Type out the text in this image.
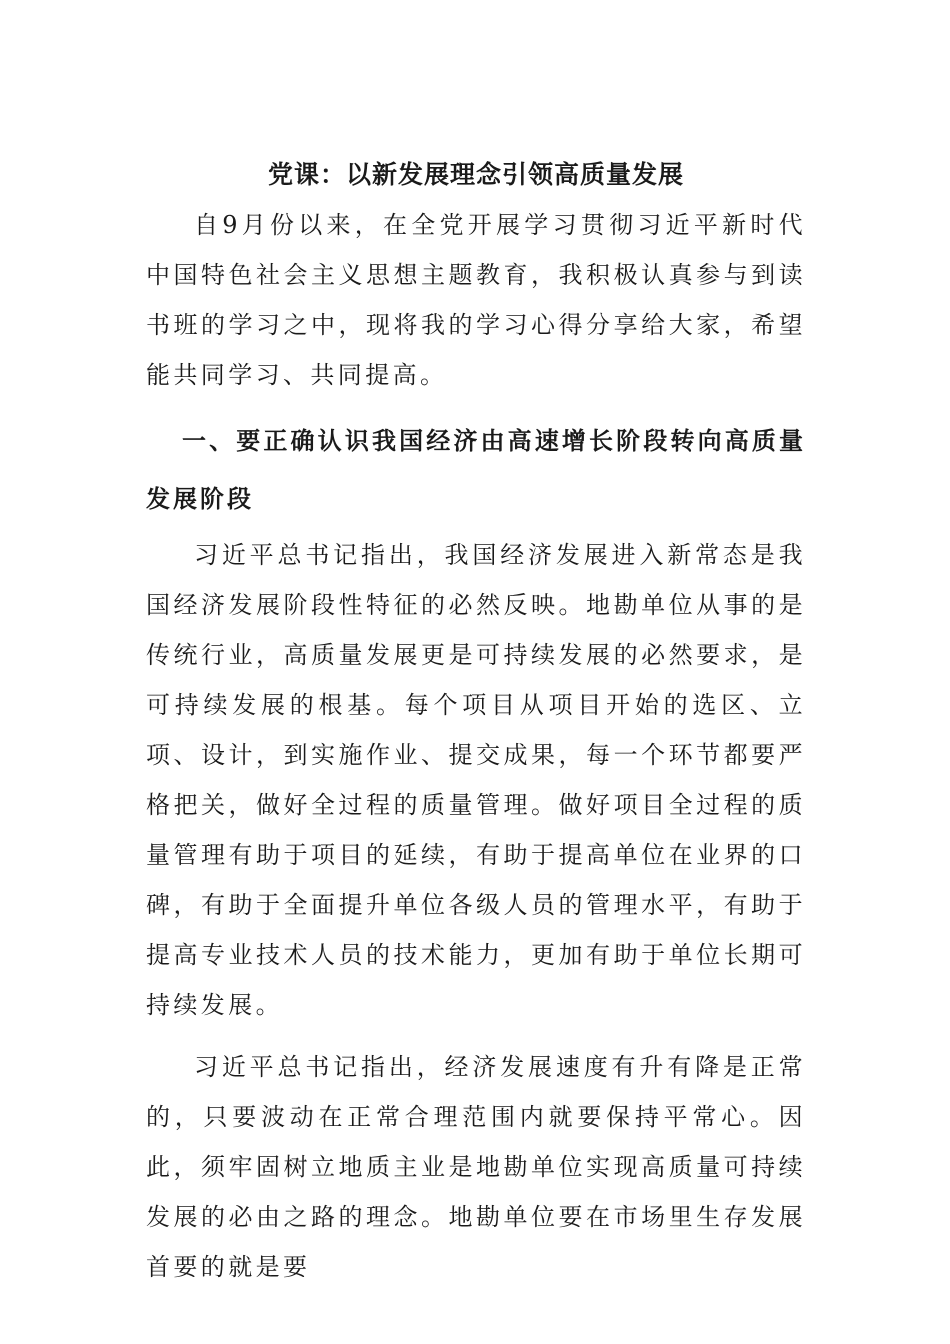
党课：以新发展理念引领高质量发展

自9月份以来，在全党开展学习贯彻习近平新时代中国特色社会主义思想主题教育，我积极认真参与到读书班的学习之中，现将我的学习心得分享给大家，希望能共同学习、共同提高。

一、要正确认识我国经济由高速增长阶段转向高质量发展阶段

习近平总书记指出，我国经济发展进入新常态是我国经济发展阶段性特征的必然反映。地勘单位从事的是传统行业，高质量发展更是可持续发展的必然要求，是可持续发展的根基。每个项目从项目开始的选区、立项、设计，到实施作业、提交成果，每一个环节都要严格把关，做好全过程的质量管理。做好项目全过程的质量管理有助于项目的延续，有助于提高单位在业界的口碑，有助于全面提升单位各级人员的管理水平，有助于提高专业技术人员的技术能力，更加有助于单位长期可持续发展。

习近平总书记指出，经济发展速度有升有降是正常的，只要波动在正常合理范围内就要保持平常心。因此，须牢固树立地质主业是地勘单位实现高质量可持续发展的必由之路的理念。地勘单位要在市场里生存发展首要的就是要
